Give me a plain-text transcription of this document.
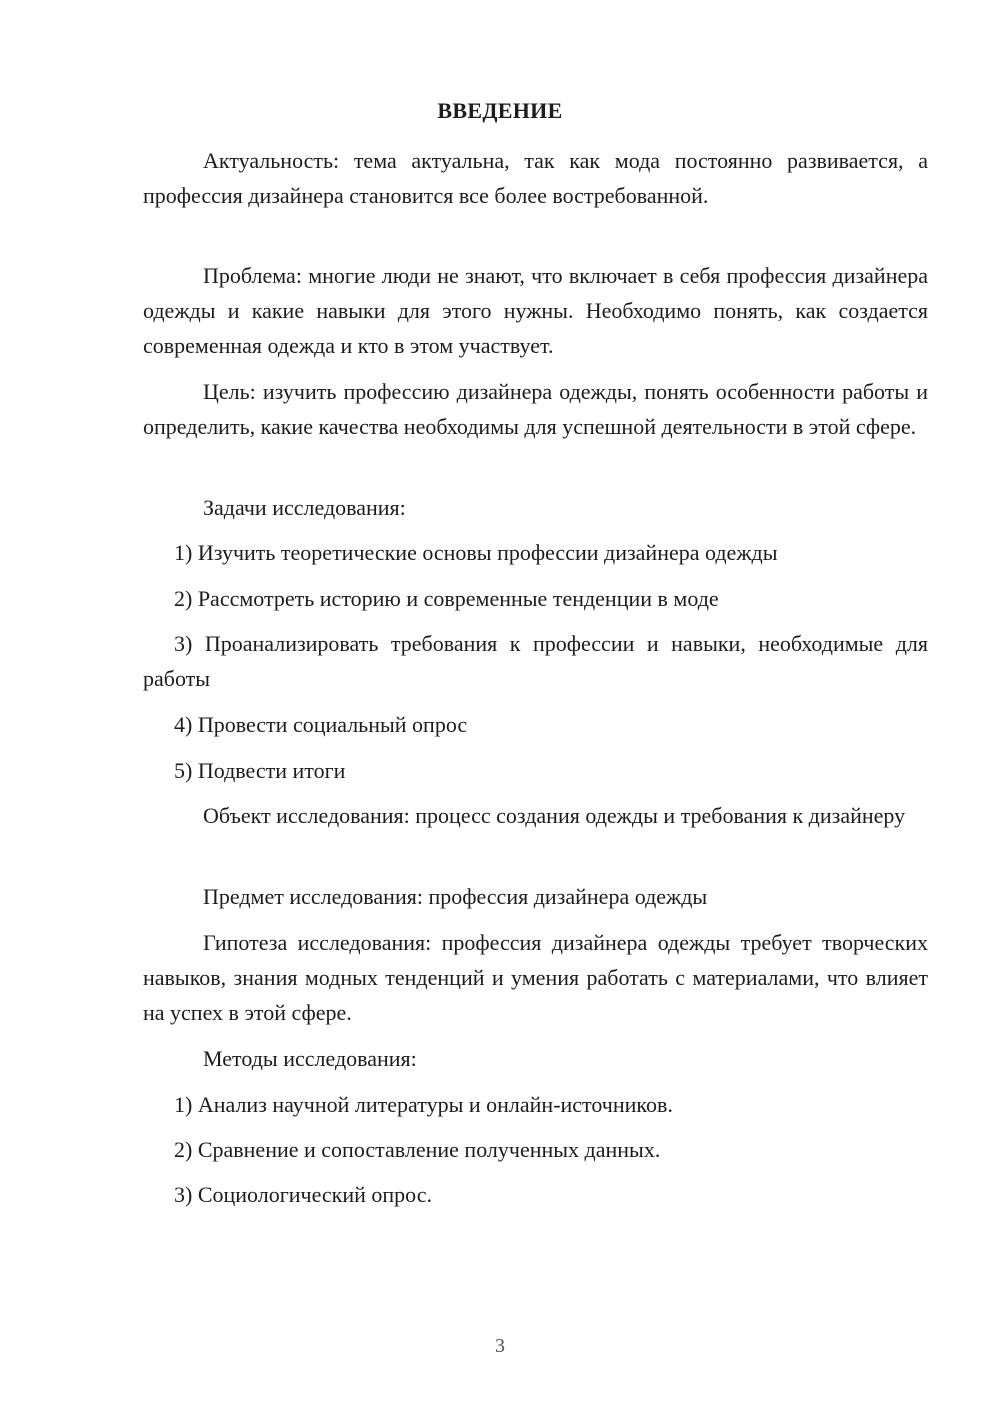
ВВЕДЕНИЕ

Актуальность: тема актуальна, так как мода постоянно развивается, а профессия дизайнера становится все более востребованной.

Проблема: многие люди не знают, что включает в себя профессия дизайнера одежды и какие навыки для этого нужны. Необходимо понять, как создается современная одежда и кто в этом участвует.

Цель: изучить профессию дизайнера одежды, понять особенности работы и определить, какие качества необходимы для успешной деятельности в этой сфере.

Задачи исследования:

1) Изучить теоретические основы профессии дизайнера одежды

2) Рассмотреть историю и современные тенденции в моде

3) Проанализировать требования к профессии и навыки, необходимые для работы

4) Провести социальный опрос

5) Подвести итоги

Объект исследования: процесс создания одежды и требования к дизайнеру

Предмет исследования: профессия дизайнера одежды

Гипотеза исследования: профессия дизайнера одежды требует творческих навыков, знания модных тенденций и умения работать с материалами, что влияет на успех в этой сфере.

Методы исследования:

1) Анализ научной литературы и онлайн-источников.

2) Сравнение и сопоставление полученных данных.

3) Социологический опрос.

3
